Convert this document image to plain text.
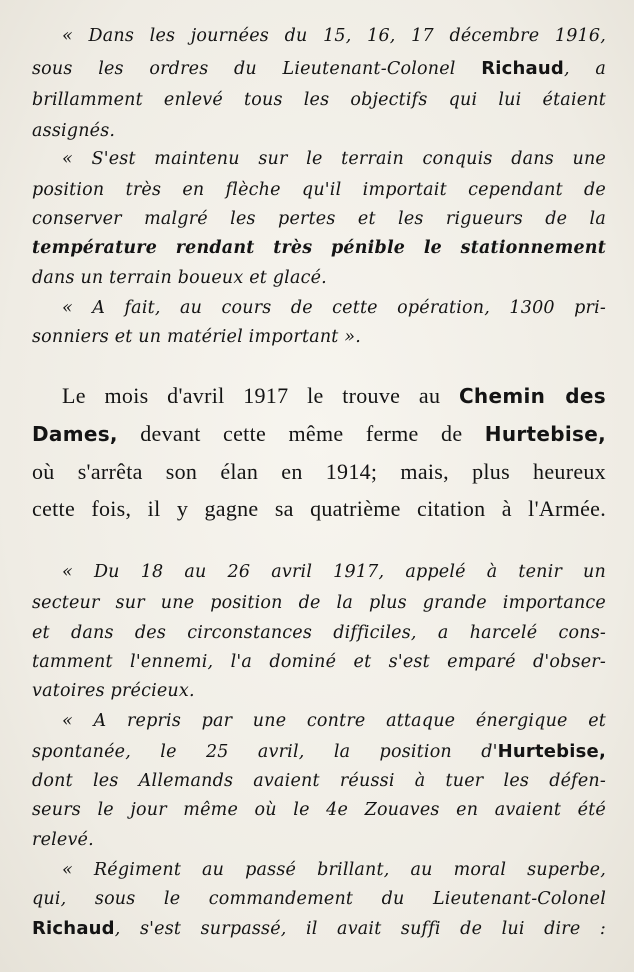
« Dans les journées du 15, 16, 17 décembre 1916,
sous les ordres du Lieutenant-Colonel Richaud, a
brillamment enlevé tous les objectifs qui lui étaient
assignés.
« S'est maintenu sur le terrain conquis dans une
position très en flèche qu'il importait cependant de
conserver malgré les pertes et les rigueurs de la
température rendant très pénible le stationnement
dans un terrain boueux et glacé.
« A fait, au cours de cette opération, 1300 pri-
sonniers et un matériel important ».
Le mois d'avril 1917 le trouve au Chemin des
Dames, devant cette même ferme de Hurtebise,
où s'arrêta son élan en 1914; mais, plus heureux
cette fois, il y gagne sa quatrième citation à l'Armée.
« Du 18 au 26 avril 1917, appelé à tenir un
secteur sur une position de la plus grande importance
et dans des circonstances difficiles, a harcelé cons-
tamment l'ennemi, l'a dominé et s'est emparé d'obser-
vatoires précieux.
« A repris par une contre attaque énergique et
spontanée, le 25 avril, la position d'Hurtebise,
dont les Allemands avaient réussi à tuer les défen-
seurs le jour même où le 4e Zouaves en avaient été
relevé.
« Régiment au passé brillant, au moral superbe,
qui, sous le commandement du Lieutenant-Colonel
Richaud, s'est surpassé, il avait suffi de lui dire :
